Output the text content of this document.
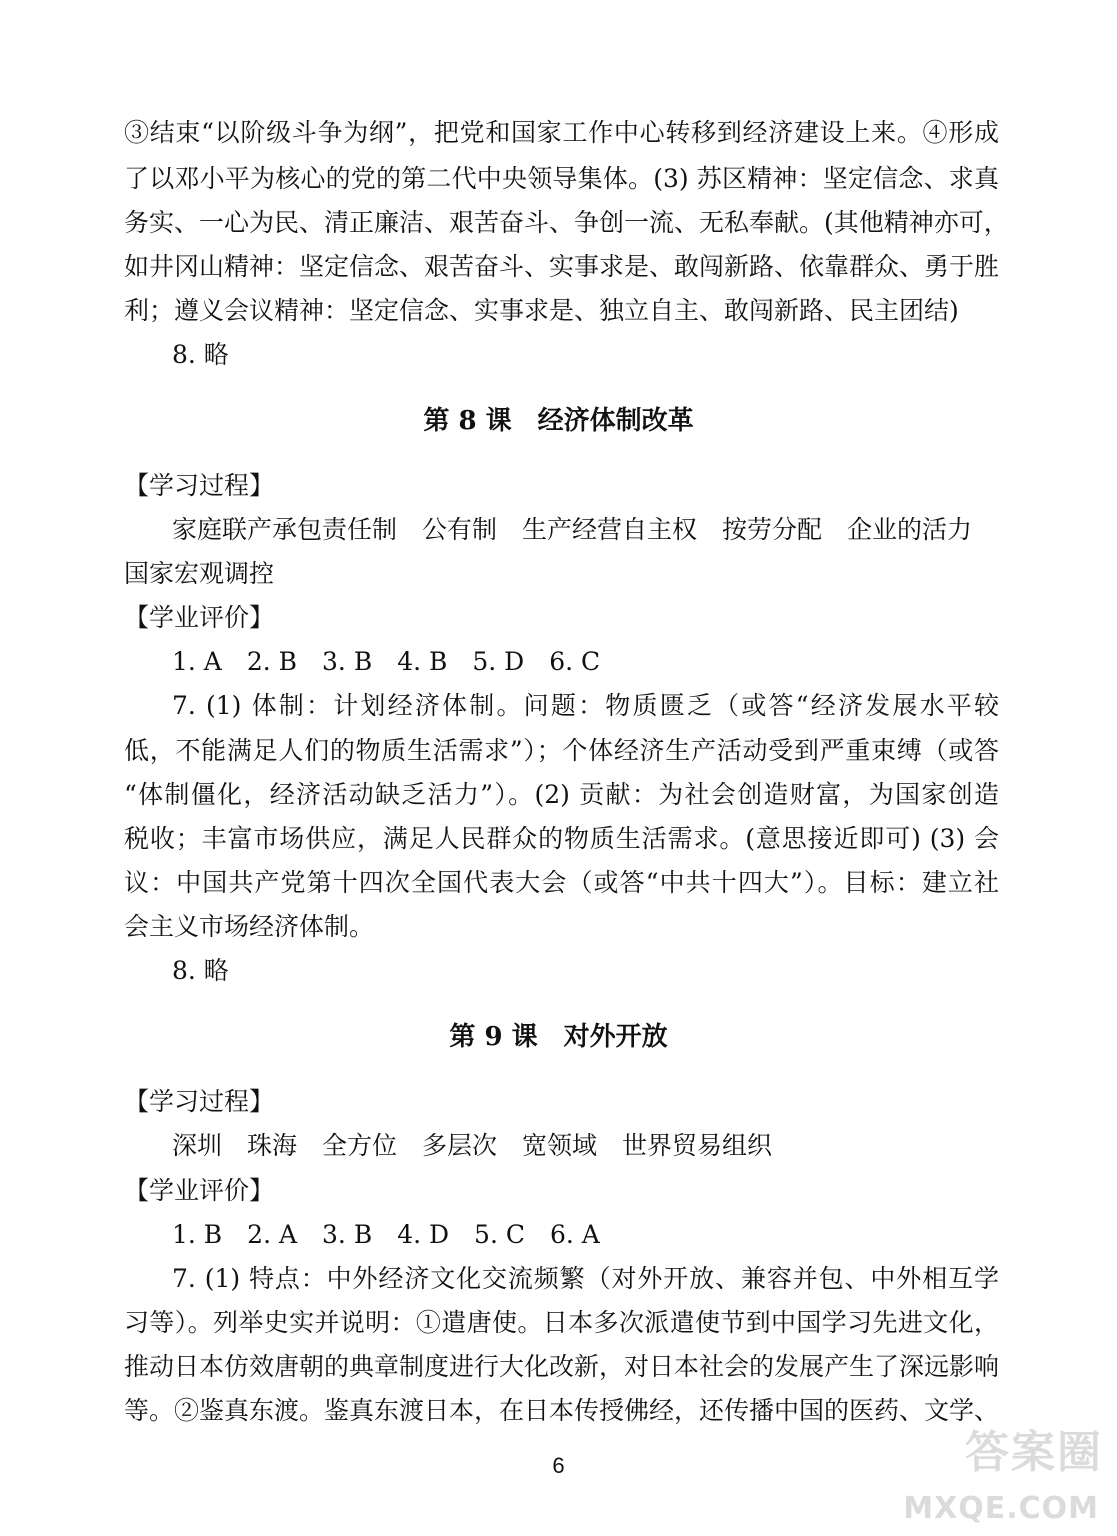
③结束“以阶级斗争为纲”，把党和国家工作中心转移到经济建设上来。④形成
了以邓小平为核心的党的第二代中央领导集体。(3) 苏区精神：坚定信念、求真
务实、一心为民、清正廉洁、艰苦奋斗、争创一流、无私奉献。(其他精神亦可，
如井冈山精神：坚定信念、艰苦奋斗、实事求是、敢闯新路、依靠群众、勇于胜
利；遵义会议精神：坚定信念、实事求是、独立自主、敢闯新路、民主团结)
8. 略
第 8 课　经济体制改革
【学习过程】
家庭联产承包责任制　公有制　生产经营自主权　按劳分配　企业的活力
国家宏观调控
【学业评价】
1. A　2. B　3. B　4. B　5. D　6. C
7. (1) 体制：计划经济体制。问题：物质匮乏（或答“经济发展水平较
低，不能满足人们的物质生活需求”）；个体经济生产活动受到严重束缚（或答
“体制僵化，经济活动缺乏活力”）。(2) 贡献：为社会创造财富，为国家创造
税收；丰富市场供应，满足人民群众的物质生活需求。(意思接近即可) (3) 会
议：中国共产党第十四次全国代表大会（或答“中共十四大”）。目标：建立社
会主义市场经济体制。
8. 略
第 9 课　对外开放
【学习过程】
深圳　珠海　全方位　多层次　宽领域　世界贸易组织
【学业评价】
1. B　2. A　3. B　4. D　5. C　6. A
7. (1) 特点：中外经济文化交流频繁（对外开放、兼容并包、中外相互学
习等）。列举史实并说明：①遣唐使。日本多次派遣使节到中国学习先进文化，
推动日本仿效唐朝的典章制度进行大化改新，对日本社会的发展产生了深远影响
等。②鉴真东渡。鉴真东渡日本，在日本传授佛经，还传播中国的医药、文学、
6	答案圈
MXQE.COM
